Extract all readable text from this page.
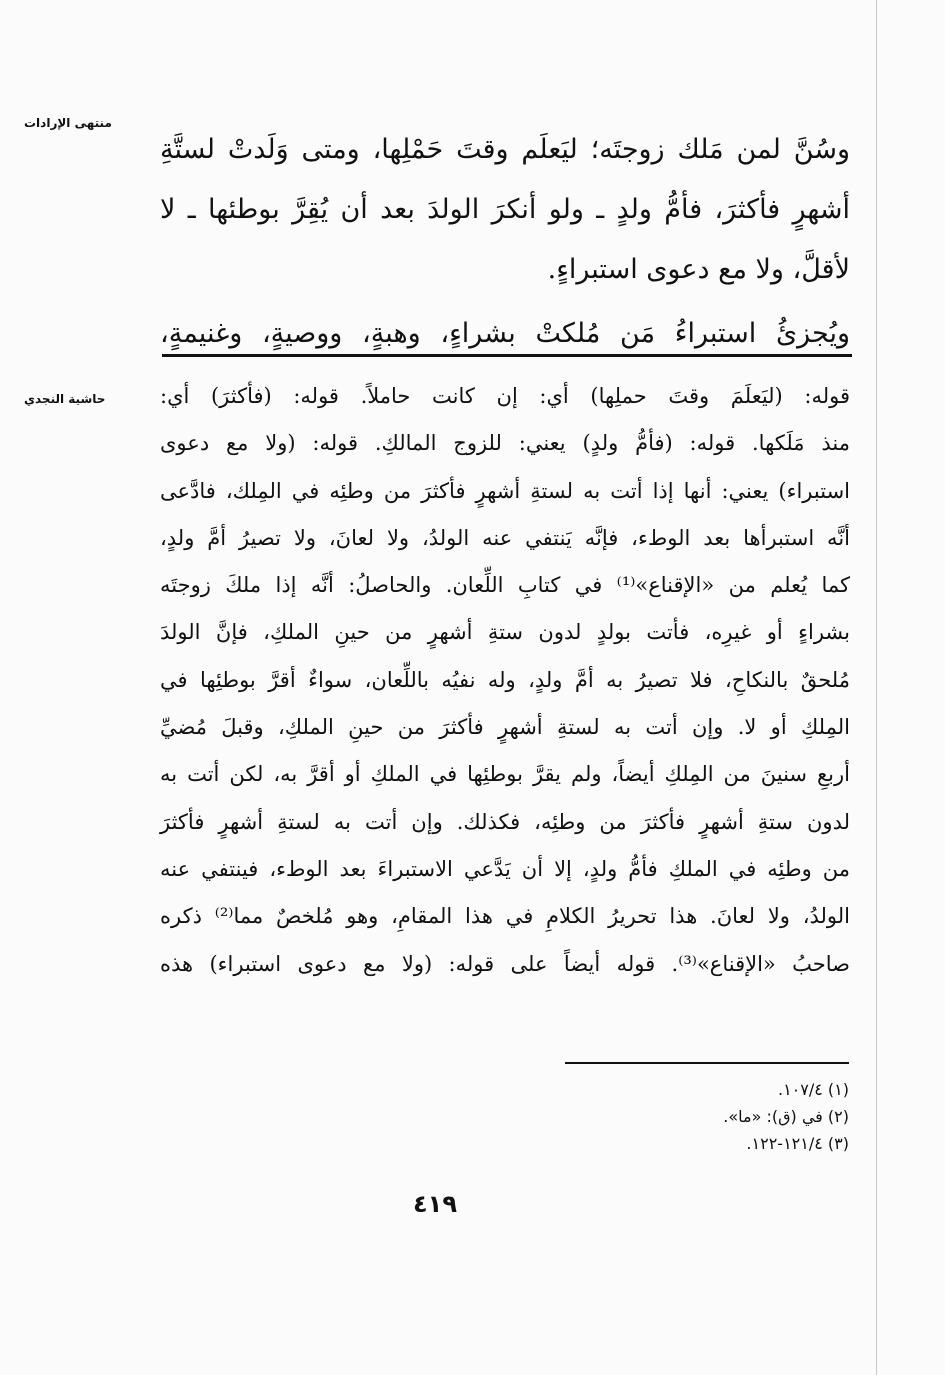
منتهى الإرادات
حاشية النجدي
وسُنَّ لمن مَلك زوجتَه؛ ليَعلَم وقتَ حَمْلِها، ومتى وَلَدتْ لستَّةِ
أشهرٍ فأكثرَ، فأمُّ ولدٍ ـ ولو أنكرَ الولدَ بعد أن يُقِرَّ بوطئها ـ لا
لأقلَّ، ولا مع دعوى استبراءٍ.
ويُجزئُ استبراءُ مَن مُلكتْ بشراءٍ، وهبةٍ، ووصيةٍ، وغنيمةٍ،
قوله: (ليَعلَمَ وقتَ حملِها) أي: إن كانت حاملاً. قوله: (فأكثرَ) أي:
منذ مَلَكها. قوله: (فأمُّ ولدٍ) يعني: للزوج المالكِ. قوله: (ولا مع دعوى
استبراء) يعني: أنها إذا أتت به لستةِ أشهرٍ فأكثرَ من وطئِه في المِلك، فادَّعى
أنَّه استبرأها بعد الوطء، فإنَّه يَنتفي عنه الولدُ، ولا لعانَ، ولا تصيرُ أمَّ ولدٍ،
كما يُعلم من «الإقناع»⁽¹⁾ في كتابِ اللِّعان. والحاصلُ: أنَّه إذا ملكَ زوجتَه
بشراءٍ أو غيرِه، فأتت بولدٍ لدون ستةِ أشهرٍ من حينِ الملكِ، فإنَّ الولدَ
مُلحقٌ بالنكاحِ، فلا تصيرُ به أمَّ ولدٍ، وله نفيُه باللِّعان، سواءٌ أقرَّ بوطئِها في
المِلكِ أو لا. وإن أتت به لستةِ أشهرٍ فأكثرَ من حينِ الملكِ، وقبلَ مُضيِّ
أربعِ سنينَ من المِلكِ أيضاً، ولم يقرَّ بوطئِها في الملكِ أو أقرَّ به، لكن أتت به
لدون ستةِ أشهرٍ فأكثرَ من وطئِه، فكذلك. وإن أتت به لستةِ أشهرٍ فأكثرَ
من وطئِه في الملكِ فأمُّ ولدٍ، إلا أن يَدَّعي الاستبراءَ بعد الوطء، فينتفي عنه
الولدُ، ولا لعانَ. هذا تحريرُ الكلامِ في هذا المقامِ، وهو مُلخصٌ مما⁽²⁾ ذكره
صاحبُ «الإقناع»⁽³⁾. قوله أيضاً على قوله: (ولا مع دعوى استبراء) هذه
(١) ١٠٧/٤.
(٢) في (ق): «ما».
(٣) ١٢١/٤-١٢٢.
٤١٩
